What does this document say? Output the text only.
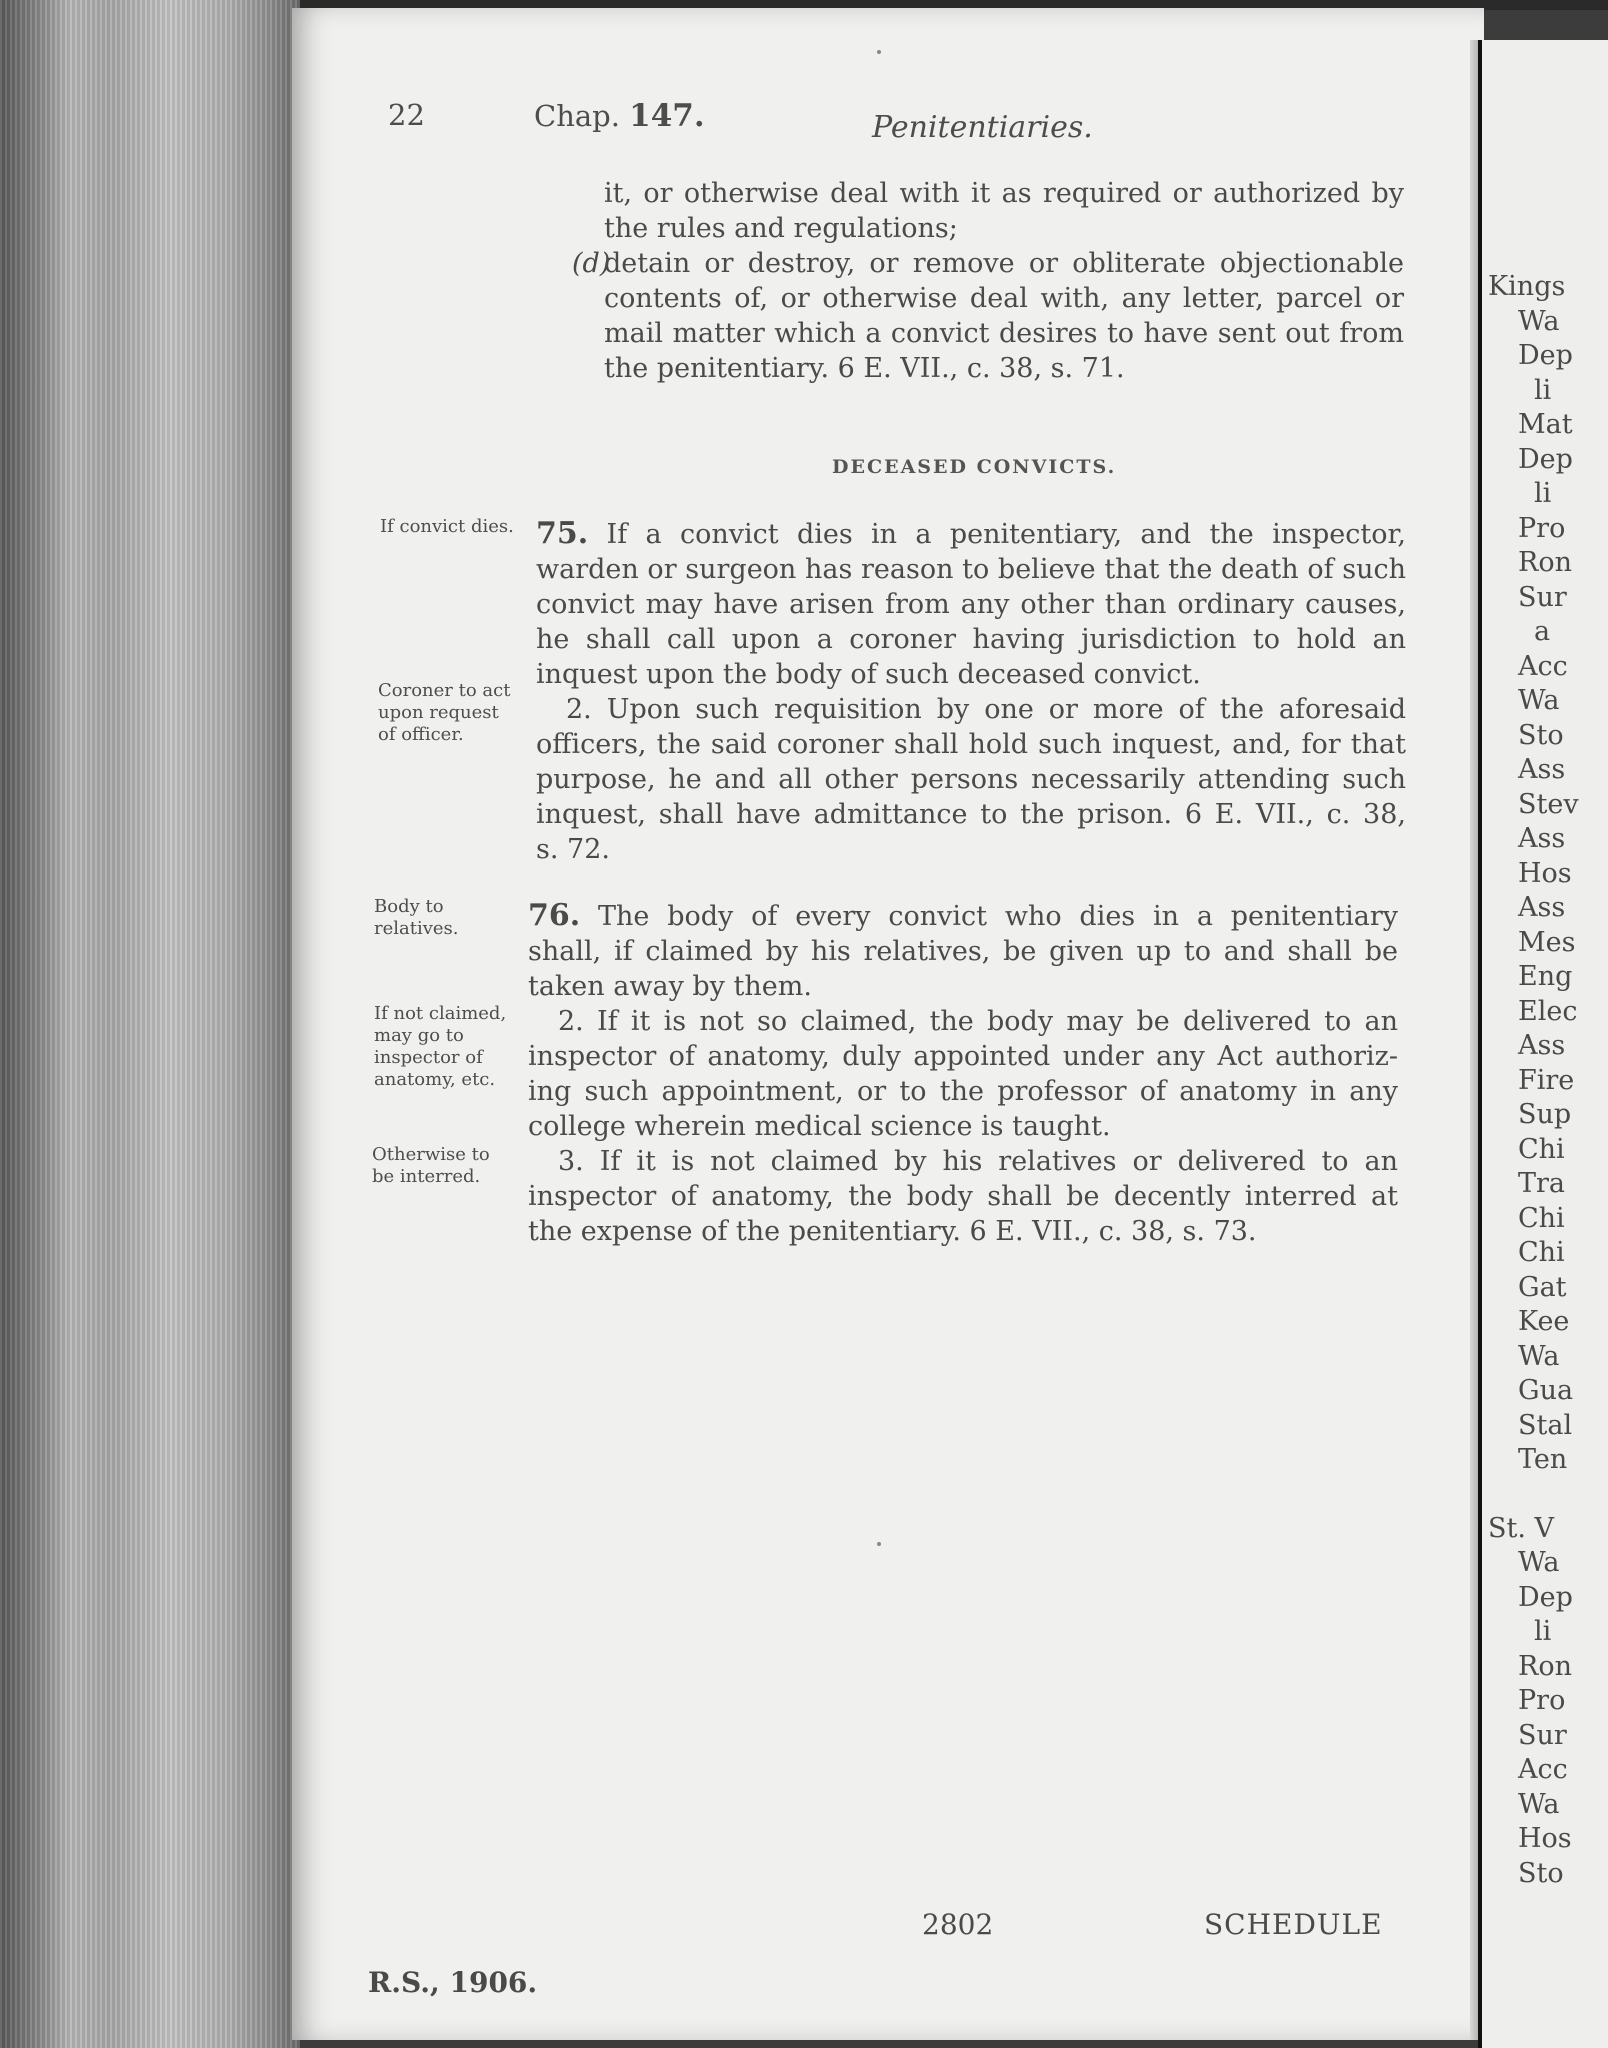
22	Chap. 147.	Penitentiaries.

it, or otherwise deal with it as required or authorized by

the rules and regulations;

(d)

detain or destroy, or remove or obliterate objectionable

contents of, or otherwise deal with, any letter, parcel or

mail matter which a convict desires to have sent out from

the penitentiary. 6 E. VII., c. 38, s. 71.

DECEASED CONVICTS.
If convict dies.
Coroner to act upon request of officer.

75. If a convict dies in a penitentiary, and the inspector,

warden or surgeon has reason to believe that the death of such

convict may have arisen from any other than ordinary causes,

he shall call upon a coroner having jurisdiction to hold an

inquest upon the body of such deceased convict.

2. Upon such requisition by one or more of the aforesaid

officers, the said coroner shall hold such inquest, and, for that

purpose, he and all other persons necessarily attending such

inquest, shall have admittance to the prison. 6 E. VII., c. 38,

s. 72.

Body to relatives.
If not claimed, may go to inspector of anatomy, etc.
Otherwise to be interred.

76. The body of every convict who dies in a penitentiary

shall, if claimed by his relatives, be given up to and shall be

taken away by them.

2. If it is not so claimed, the body may be delivered to an

inspector of anatomy, duly appointed under any Act authoriz-

ing such appointment, or to the professor of anatomy in any

college wherein medical science is taught.

3. If it is not claimed by his relatives or delivered to an

inspector of anatomy, the body shall be decently interred at

the expense of the penitentiary. 6 E. VII., c. 38, s. 73.

2802	SCHEDULE
R.S., 1906.
Kings
Wa
Dep
li
Mat
Dep
li
Pro
Ron
Sur
a
Acc
Wa
Sto
Ass
Stev
Ass
Hos
Ass
Mes
Eng
Elec
Ass
Fire
Sup
Chi
Tra
Chi
Chi
Gat
Kee
Wa
Gua
Stal
Ten
St. V
Wa
Dep
li
Ron
Pro
Sur
Acc
Wa
Hos
Sto
